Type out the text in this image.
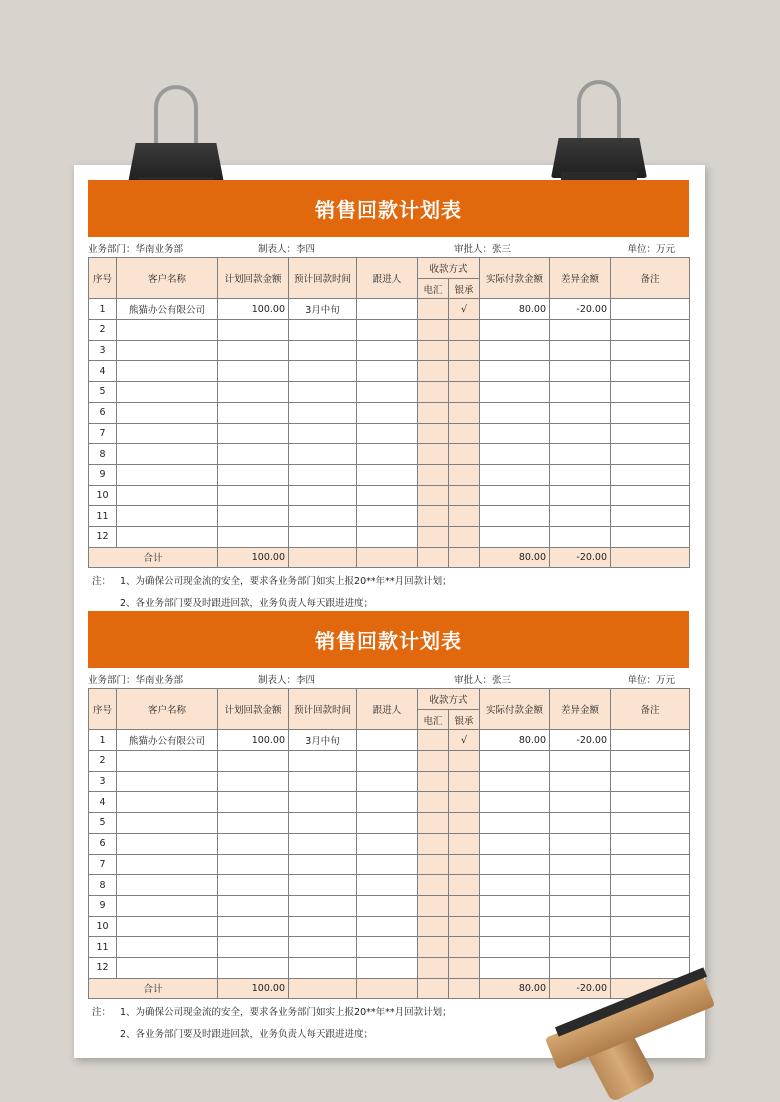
销售回款计划表
业务部门：华南业务部	制表人：李四	审批人：张三	单位：万元
序号	客户名称	计划回款金额	预计回款时间	跟进人	收款方式		实际付款金额	差异金额	备注
					电汇	银承			
1	熊猫办公有限公司	100.00	3月中旬			√	80.00	-20.00	
2									
3									
4									
5									
6									
7									
8									
9									
10									
11									
12									
合计		100.00					80.00	-20.00	
注： 1、为确保公司现金流的安全，要求各业务部门如实上报20**年**月回款计划；
2、各业务部门要及时跟进回款，业务负责人每天跟进进度；
销售回款计划表
业务部门：华南业务部	制表人：李四	审批人：张三	单位：万元
序号	客户名称	计划回款金额	预计回款时间	跟进人	收款方式		实际付款金额	差异金额	备注
					电汇	银承			
1	熊猫办公有限公司	100.00	3月中旬			√	80.00	-20.00	
2									
3									
4									
5									
6									
7									
8									
9									
10									
11									
12									
合计		100.00					80.00	-20.00	
注： 1、为确保公司现金流的安全，要求各业务部门如实上报20**年**月回款计划；
2、各业务部门要及时跟进回款，业务负责人每天跟进进度；
